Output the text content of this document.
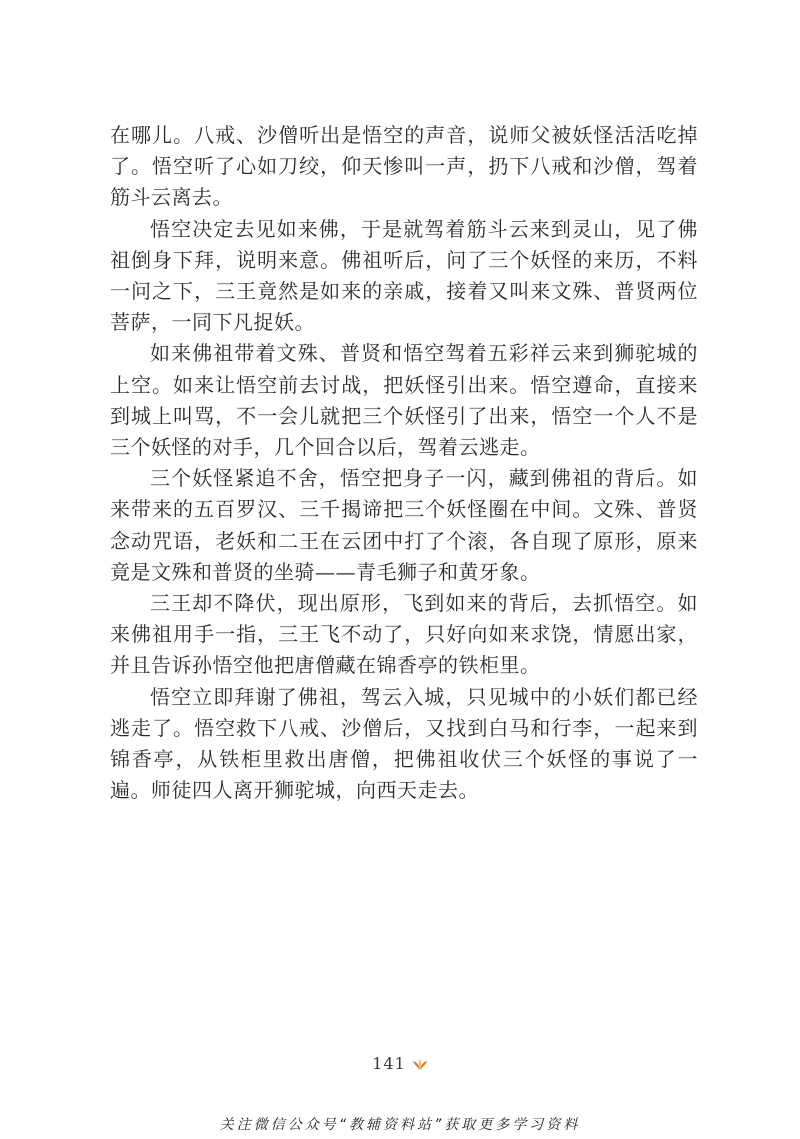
在哪儿。八戒、沙僧听出是悟空的声音，说师父被妖怪活活吃掉了。悟空听了心如刀绞，仰天惨叫一声，扔下八戒和沙僧，驾着筋斗云离去。

悟空决定去见如来佛，于是就驾着筋斗云来到灵山，见了佛祖倒身下拜，说明来意。佛祖听后，问了三个妖怪的来历，不料一问之下，三王竟然是如来的亲戚，接着又叫来文殊、普贤两位菩萨，一同下凡捉妖。

如来佛祖带着文殊、普贤和悟空驾着五彩祥云来到狮驼城的上空。如来让悟空前去讨战，把妖怪引出来。悟空遵命，直接来到城上叫骂，不一会儿就把三个妖怪引了出来，悟空一个人不是三个妖怪的对手，几个回合以后，驾着云逃走。

三个妖怪紧追不舍，悟空把身子一闪，藏到佛祖的背后。如来带来的五百罗汉、三千揭谛把三个妖怪圈在中间。文殊、普贤念动咒语，老妖和二王在云团中打了个滚，各自现了原形，原来竟是文殊和普贤的坐骑——青毛狮子和黄牙象。

三王却不降伏，现出原形，飞到如来的背后，去抓悟空。如来佛祖用手一指，三王飞不动了，只好向如来求饶，情愿出家，并且告诉孙悟空他把唐僧藏在锦香亭的铁柜里。

悟空立即拜谢了佛祖，驾云入城，只见城中的小妖们都已经逃走了。悟空救下八戒、沙僧后，又找到白马和行李，一起来到锦香亭，从铁柜里救出唐僧，把佛祖收伏三个妖怪的事说了一遍。师徒四人离开狮驼城，向西天走去。

141
关注微信公众号“教辅资料站”获取更多学习资料
